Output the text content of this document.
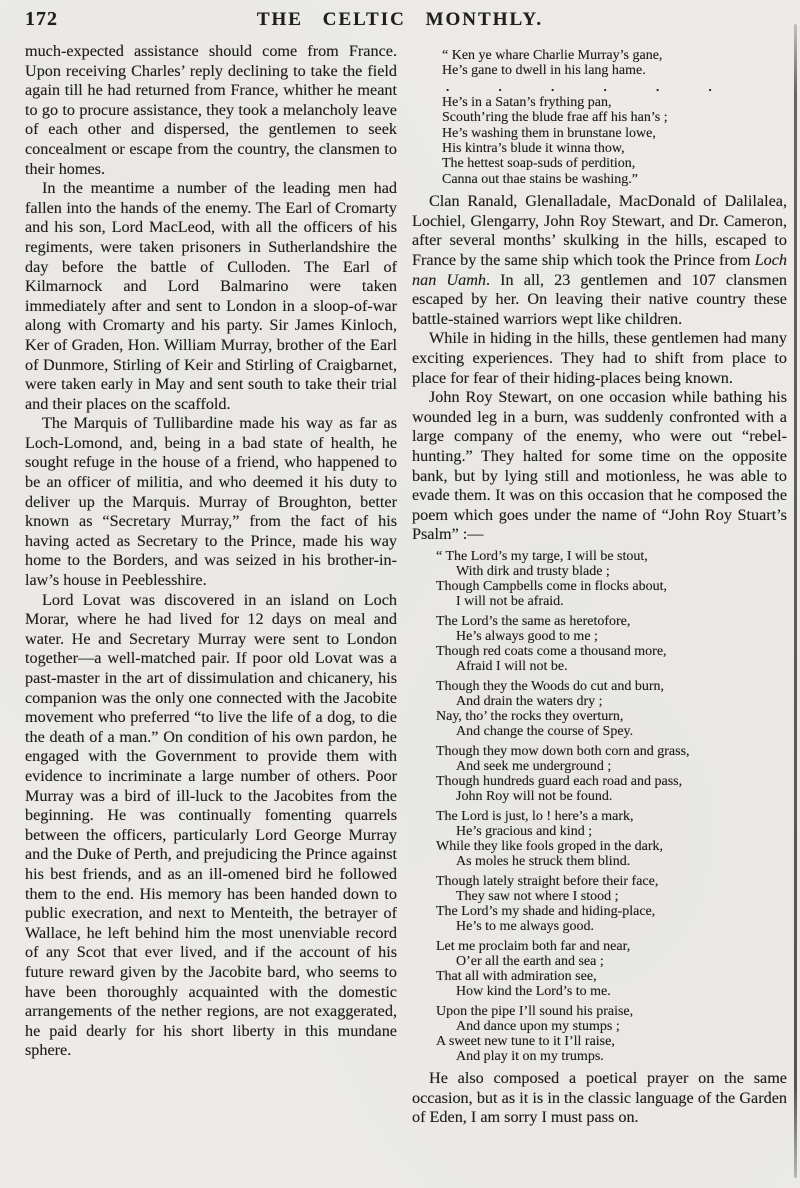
172	THE CELTIC MONTHLY.

much-expected assistance should come from France. Upon receiving Charles’ reply declining to take the field again till he had returned from France, whither he meant to go to procure assistance, they took a melancholy leave of each other and dispersed, the gentlemen to seek concealment or escape from the country, the clansmen to their homes.

In the meantime a number of the leading men had fallen into the hands of the enemy. The Earl of Cromarty and his son, Lord MacLeod, with all the officers of his regiments, were taken prisoners in Sutherlandshire the day before the battle of Culloden. The Earl of Kilmarnock and Lord Balmarino were taken immediately after and sent to London in a sloop-of-war along with Cromarty and his party. Sir James Kinloch, Ker of Graden, Hon. William Murray, brother of the Earl of Dunmore, Stirling of Keir and Stirling of Craigbarnet, were taken early in May and sent south to take their trial and their places on the scaffold.

The Marquis of Tullibardine made his way as far as Loch-Lomond, and, being in a bad state of health, he sought refuge in the house of a friend, who happened to be an officer of militia, and who deemed it his duty to deliver up the Marquis. Murray of Broughton, better known as “Secretary Murray,” from the fact of his having acted as Secretary to the Prince, made his way home to the Borders, and was seized in his brother-in-law’s house in Peeblesshire.

Lord Lovat was discovered in an island on Loch Morar, where he had lived for 12 days on meal and water. He and Secretary Murray were sent to London together—a well-matched pair. If poor old Lovat was a past-master in the art of dissimulation and chicanery, his companion was the only one connected with the Jacobite movement who preferred “to live the life of a dog, to die the death of a man.” On condition of his own pardon, he engaged with the Government to provide them with evidence to incriminate a large number of others. Poor Murray was a bird of ill-luck to the Jacobites from the beginning. He was continually fomenting quarrels between the officers, particularly Lord George Murray and the Duke of Perth, and prejudicing the Prince against his best friends, and as an ill-omened bird he followed them to the end. His memory has been handed down to public execration, and next to Menteith, the betrayer of Wallace, he left behind him the most unenviable record of any Scot that ever lived, and if the account of his future reward given by the Jacobite bard, who seems to have been thoroughly acquainted with the domestic arrangements of the nether regions, are not exaggerated, he paid dearly for his short liberty in this mundane sphere.

“ Ken ye whare Charlie Murray’s gane,
He’s gane to dwell in his lang hame.
. . . . . .
He’s in a Satan’s frything pan,
Scouth’ring the blude frae aff his han’s ;
He’s washing them in brunstane lowe,
His kintra’s blude it winna thow,
The hettest soap-suds of perdition,
Canna out thae stains be washing.”

Clan Ranald, Glenalladale, MacDonald of Dalilalea, Lochiel, Glengarry, John Roy Stewart, and Dr. Cameron, after several months’ skulking in the hills, escaped to France by the same ship which took the Prince from Loch nan Uamh. In all, 23 gentlemen and 107 clansmen escaped by her. On leaving their native country these battle-stained warriors wept like children.

While in hiding in the hills, these gentlemen had many exciting experiences. They had to shift from place to place for fear of their hiding-places being known.

John Roy Stewart, on one occasion while bathing his wounded leg in a burn, was suddenly confronted with a large company of the enemy, who were out “rebel-hunting.” They halted for some time on the opposite bank, but by lying still and motionless, he was able to evade them. It was on this occasion that he composed the poem which goes under the name of “John Roy Stuart’s Psalm” :—

“ The Lord’s my targe, I will be stout,
With dirk and trusty blade ;
Though Campbells come in flocks about,
I will not be afraid.
The Lord’s the same as heretofore,
He’s always good to me ;
Though red coats come a thousand more,
Afraid I will not be.
Though they the Woods do cut and burn,
And drain the waters dry ;
Nay, tho’ the rocks they overturn,
And change the course of Spey.
Though they mow down both corn and grass,
And seek me underground ;
Though hundreds guard each road and pass,
John Roy will not be found.
The Lord is just, lo ! here’s a mark,
He’s gracious and kind ;
While they like fools groped in the dark,
As moles he struck them blind.
Though lately straight before their face,
They saw not where I stood ;
The Lord’s my shade and hiding-place,
He’s to me always good.
Let me proclaim both far and near,
O’er all the earth and sea ;
That all with admiration see,
How kind the Lord’s to me.
Upon the pipe I’ll sound his praise,
And dance upon my stumps ;
A sweet new tune to it I’ll raise,
And play it on my trumps.

He also composed a poetical prayer on the same occasion, but as it is in the classic language of the Garden of Eden, I am sorry I must pass on.
